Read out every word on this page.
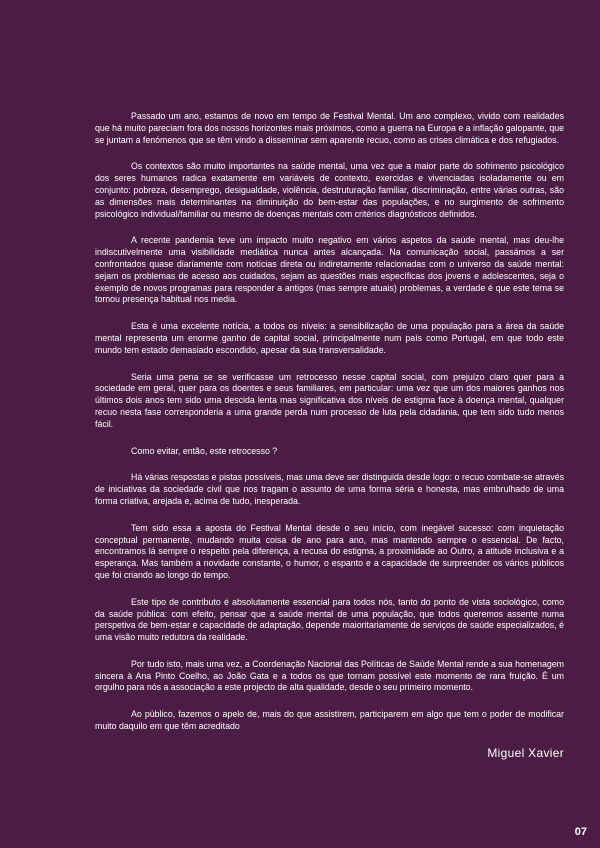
Passado um ano, estamos de novo em tempo de Festival Mental. Um ano complexo, vivido com realidades que há muito pareciam fora dos nossos horizontes mais próximos, como a guerra na Europa e a inflação galopante, que se juntam a fenómenos que se têm vindo a disseminar sem aparente recuo, como as crises climática e dos refugiados.

Os contextos são muito importantes na saúde mental, uma vez que a maior parte do sofrimento psicológico dos seres humanos radica exatamente em variáveis de contexto, exercidas e vivenciadas isoladamente ou em conjunto: pobreza, desemprego, desigualdade, violência, destruturação familiar, discriminação, entre várias outras, são as dimensões mais determinantes na diminuição do bem-estar das populações, e no surgimento de sofrimento psicológico individual/familiar ou mesmo de doenças mentais com critérios diagnósticos definidos.

A recente pandemia teve um impacto muito negativo em vários aspetos da saúde mental, mas deu-lhe indiscutivelmente uma visibilidade mediática nunca antes alcançada. Na comunicação social, passámos a ser confrontados quase diariamente com notícias direta ou indiretamente relacionadas com o universo da saúde mental: sejam os problemas de acesso aos cuidados, sejam as questões mais específicas dos jovens e adolescentes, seja o exemplo de novos programas para responder a antigos (mas sempre atuais) problemas, a verdade é que este tema se tornou presença habitual nos media.

Esta é uma excelente notícia, a todos os níveis: a sensibilização de uma população para a área da saúde mental representa um enorme ganho de capital social, principalmente num país como Portugal, em que todo este mundo tem estado demasiado escondido, apesar da sua transversalidade.

Seria uma pena se se verificasse um retrocesso nesse capital social, com prejuízo claro quer para a sociedade em geral, quer para os doentes e seus familiares, em particular: uma vez que um dos maiores ganhos nos últimos dois anos tem sido uma descida lenta mas significativa dos níveis de estigma face à doença mental, qualquer recuo nesta fase corresponderia a uma grande perda num processo de luta pela cidadania, que tem sido tudo menos fácil.

Como evitar, então, este retrocesso ?

Há várias respostas e pistas possíveis, mas uma deve ser distinguida desde logo: o recuo combate-se através de iniciativas da sociedade civil que nos tragam o assunto de uma forma séria e honesta, mas embrulhado de uma forma criativa, arejada e, acima de tudo, inesperada.

Tem sido essa a aposta do Festival Mental desde o seu início, com inegável sucesso: com inquietação conceptual permanente, mudando muita coisa de ano para ano, mas mantendo sempre o essencial. De facto, encontramos lá sempre o respeito pela diferença, a recusa do estigma, a proximidade ao Outro, a atitude inclusiva e a esperança. Mas também a novidade constante, o humor, o espanto e a capacidade de surpreender os vários públicos que foi criando ao longo do tempo.

Este tipo de contributo é absolutamente essencial para todos nós, tanto do ponto de vista sociológico, como da saúde pública: com efeito, pensar que a saúde mental de uma população, que todos queremos assente numa perspetiva de bem-estar e capacidade de adaptação, depende maioritariamente de serviços de saúde especializados, é uma visão muito redutora da realidade.

Por tudo isto, mais uma vez, a Coordenação Nacional das Políticas de Saúde Mental rende a sua homenagem sincera à Ana Pinto Coelho, ao João Gata e a todos os que tornam possível este momento de rara fruição. É um orgulho para nós a associação a este projecto de alta qualidade, desde o seu primeiro momento.

Ao público, fazemos o apelo de, mais do que assistirem, participarem em algo que tem o poder de modificar muito daquilo em que têm acreditado

Miguel Xavier

07
